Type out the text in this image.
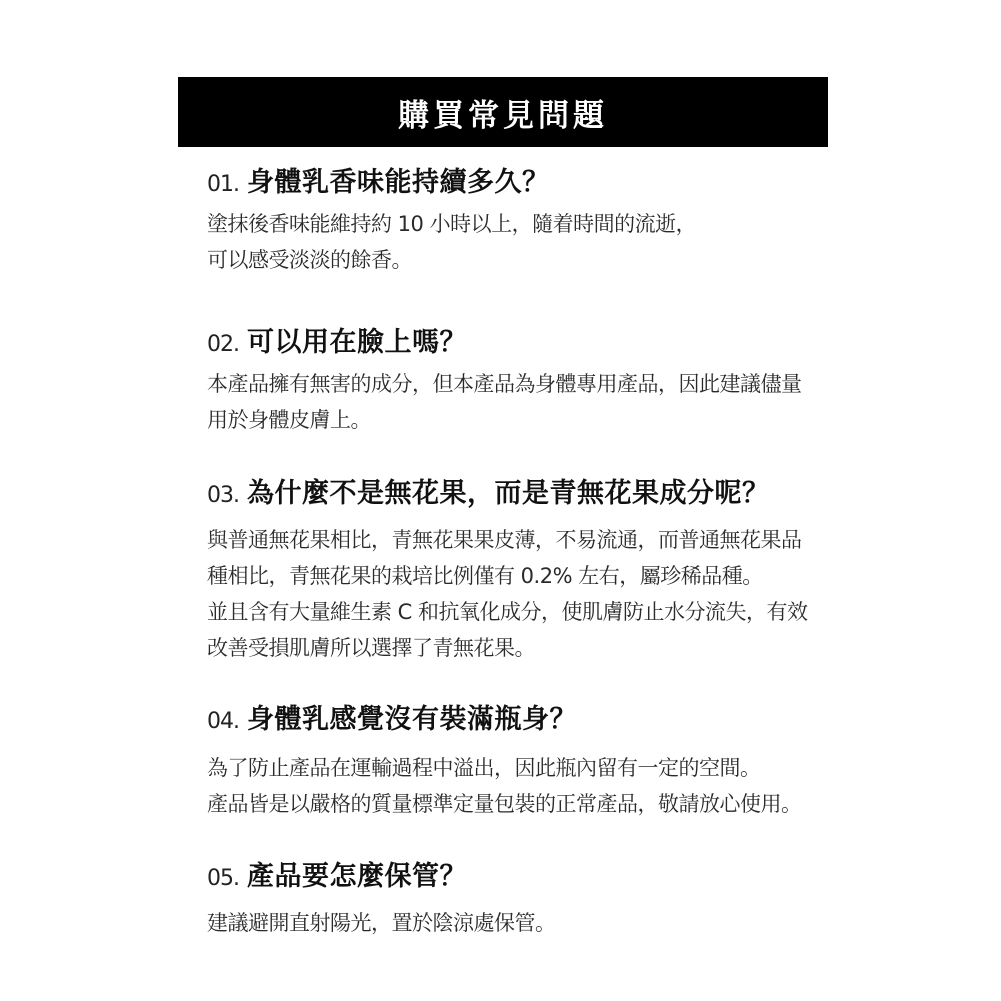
購買常見問題
01. 身體乳香味能持續多久？
塗抹後香味能維持約 10 小時以上，隨着時間的流逝，
可以感受淡淡的餘香。
02. 可以用在臉上嗎？
本產品擁有無害的成分，但本產品為身體專用產品，因此建議儘量
用於身體皮膚上。
03. 為什麼不是無花果，而是青無花果成分呢？
與普通無花果相比，青無花果果皮薄，不易流通，而普通無花果品
種相比，青無花果的栽培比例僅有 0.2% 左右，屬珍稀品種。
並且含有大量維生素 C 和抗氧化成分，使肌膚防止水分流失，有效
改善受損肌膚所以選擇了青無花果。
04. 身體乳感覺沒有裝滿瓶身？
為了防止產品在運輸過程中溢出，因此瓶內留有一定的空間。
產品皆是以嚴格的質量標準定量包裝的正常產品，敬請放心使用。
05. 產品要怎麼保管？
建議避開直射陽光，置於陰涼處保管。
